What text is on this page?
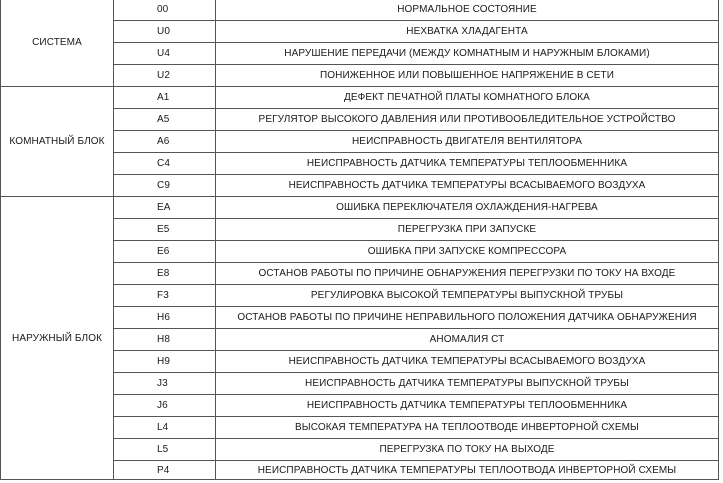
СИСТЕМА	00	НОРМАЛЬНОЕ СОСТОЯНИЕ
	U0	НЕХВАТКА ХЛАДАГЕНТА
	U4	НАРУШЕНИЕ ПЕРЕДАЧИ (МЕЖДУ КОМНАТНЫМ И НАРУЖНЫМ БЛОКАМИ)
	U2	ПОНИЖЕННОЕ ИЛИ ПОВЫШЕННОЕ НАПРЯЖЕНИЕ В СЕТИ
КОМНАТНЫЙ БЛОК	A1	ДЕФЕКТ ПЕЧАТНОЙ ПЛАТЫ КОМНАТНОГО БЛОКА
	A5	РЕГУЛЯТОР ВЫСОКОГО ДАВЛЕНИЯ ИЛИ ПРОТИВООБЛЕДИТЕЛЬНОЕ УСТРОЙСТВО
	A6	НЕИСПРАВНОСТЬ ДВИГАТЕЛЯ ВЕНТИЛЯТОРА
	C4	НЕИСПРАВНОСТЬ ДАТЧИКА ТЕМПЕРАТУРЫ ТЕПЛООБМЕННИКА
	C9	НЕИСПРАВНОСТЬ ДАТЧИКА ТЕМПЕРАТУРЫ ВСАСЫВАЕМОГО ВОЗДУХА
НАРУЖНЫЙ БЛОК	EA	ОШИБКА ПЕРЕКЛЮЧАТЕЛЯ ОХЛАЖДЕНИЯ-НАГРЕВА
	E5	ПЕРЕГРУЗКА ПРИ ЗАПУСКЕ
	E6	ОШИБКА ПРИ ЗАПУСКЕ КОМПРЕССОРА
	E8	ОСТАНОВ РАБОТЫ ПО ПРИЧИНЕ ОБНАРУЖЕНИЯ ПЕРЕГРУЗКИ ПО ТОКУ НА ВХОДЕ
	F3	РЕГУЛИРОВКА ВЫСОКОЙ ТЕМПЕРАТУРЫ ВЫПУСКНОЙ ТРУБЫ
	H6	ОСТАНОВ РАБОТЫ ПО ПРИЧИНЕ НЕПРАВИЛЬНОГО ПОЛОЖЕНИЯ ДАТЧИКА ОБНАРУЖЕНИЯ
	H8	АНОМАЛИЯ СТ
	H9	НЕИСПРАВНОСТЬ ДАТЧИКА ТЕМПЕРАТУРЫ ВСАСЫВАЕМОГО ВОЗДУХА
	J3	НЕИСПРАВНОСТЬ ДАТЧИКА ТЕМПЕРАТУРЫ ВЫПУСКНОЙ ТРУБЫ
	J6	НЕИСПРАВНОСТЬ ДАТЧИКА ТЕМПЕРАТУРЫ ТЕПЛООБМЕННИКА
	L4	ВЫСОКАЯ ТЕМПЕРАТУРА НА ТЕПЛООТВОДЕ ИНВЕРТОРНОЙ СХЕМЫ
	L5	ПЕРЕГРУЗКА ПО ТОКУ НА ВЫХОДЕ
	P4	НЕИСПРАВНОСТЬ ДАТЧИКА ТЕМПЕРАТУРЫ ТЕПЛООТВОДА ИНВЕРТОРНОЙ СХЕМЫ
